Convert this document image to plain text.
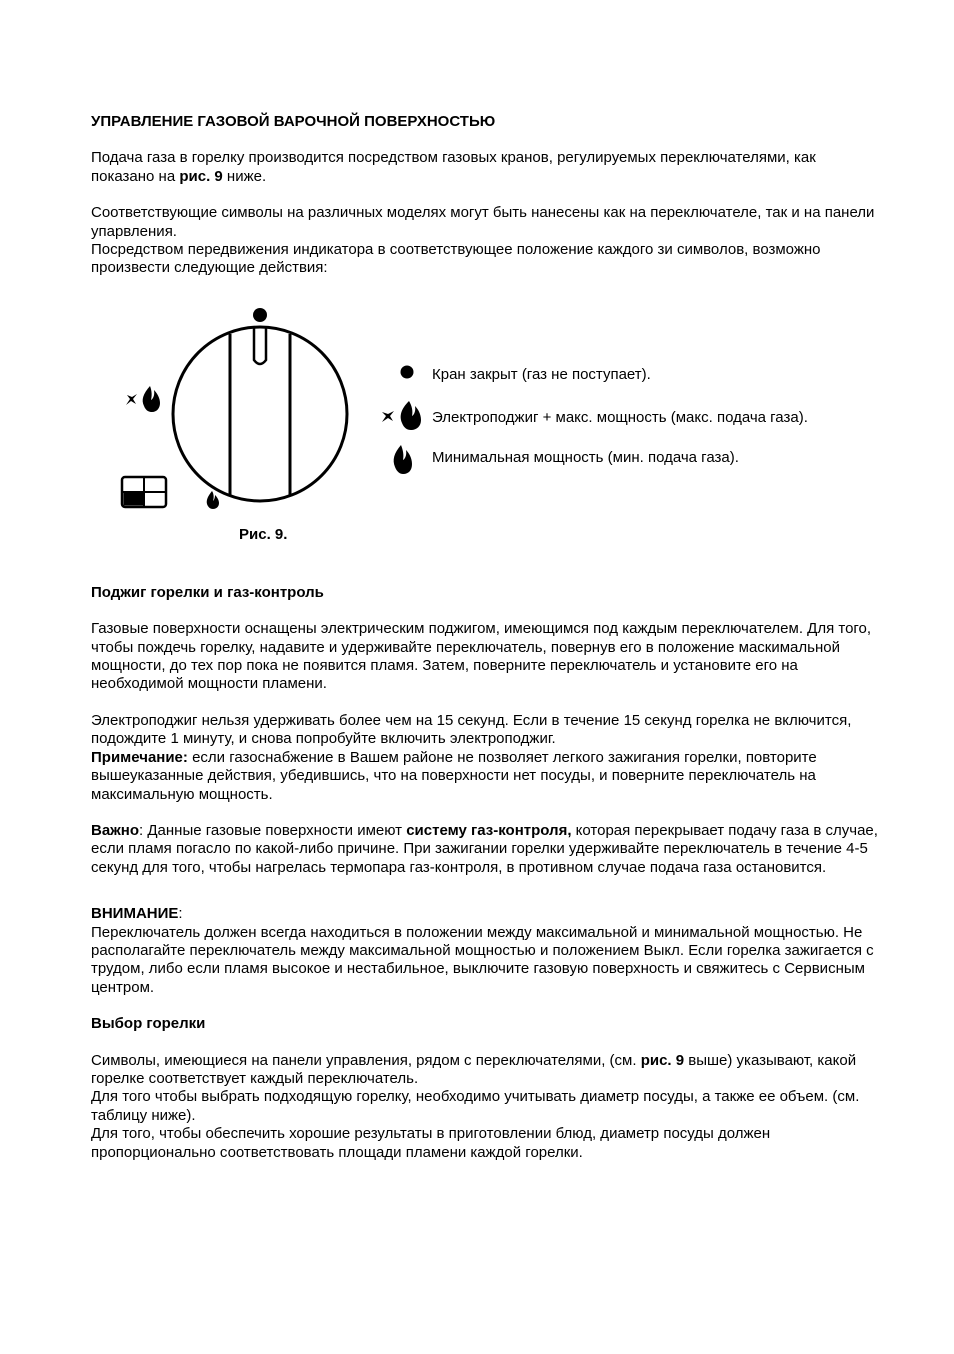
УПРАВЛЕНИЕ ГАЗОВОЙ ВАРОЧНОЙ ПОВЕРХНОСТЬЮ

Подача газа в горелку производится посредством газовых кранов, регулируемых переключателями, как показано на рис. 9 ниже.

Соответствующие символы на различных моделях могут быть нанесены как на переключателе, так и на панели упарвления.

Посредством передвижения индикатора в соответствующее положение каждого зи символов, возможно произвести следующие действия:

Рис. 9.

Кран закрыт (газ не поступает).
Электроподжиг + макс. мощность (макс. подача газа).
Минимальная мощность (мин. подача газа).
Поджиг горелки и газ-контроль

Газовые поверхности оснащены электрическим поджигом, имеющимся под каждым переключателем. Для того, чтобы пождечь горелку, надавите и удерживайте переключатель, повернув его в положение маскимальной мощности, до тех пор пока не появится пламя. Затем, поверните переключатель и установите его на необходимой мощности пламени.

Электроподжиг нельзя удерживать более чем на 15 секунд. Если в течение 15 секунд горелка не включится, подождите 1 минуту, и снова попробуйте включить электроподжиг.

Примечание: если газоснабжение в Вашем районе не позволяет легкого зажигания горелки, повторите вышеуказанные действия, убедившись, что на поверхности нет посуды, и поверните переключатель на максимальную мощность.

Важно: Данные газовые поверхности имеют систему газ-контроля, которая перекрывает подачу газа в случае, если пламя погасло по какой-либо причине. При зажигании горелки удерживайте переключатель в течение 4-5 секунд для того, чтобы нагрелась термопара газ-контроля, в противном случае подача газа остановится.

ВНИМАНИЕ:

Переключатель должен всегда находиться в положении между максимальной и минимальной мощностью. Не располагайте переключатель между максимальной мощностью и положением Выкл. Если горелка зажигается с трудом, либо если пламя высокое и нестабильное, выключите газовую поверхность и свяжитесь с Сервисным центром.

Выбор горелки

Символы, имеющиеся на панели управления, рядом с переключателями, (см. рис. 9 выше) указывают, какой горелке соответствует каждый переключатель.

Для того чтобы выбрать подходящую горелку, необходимо учитывать диаметр посуды, а также ее объем. (см. таблицу ниже).

Для того, чтобы обеспечить хорошие результаты в приготовлении блюд, диаметр посуды должен пропорционально соответствовать площади пламени каждой горелки.
